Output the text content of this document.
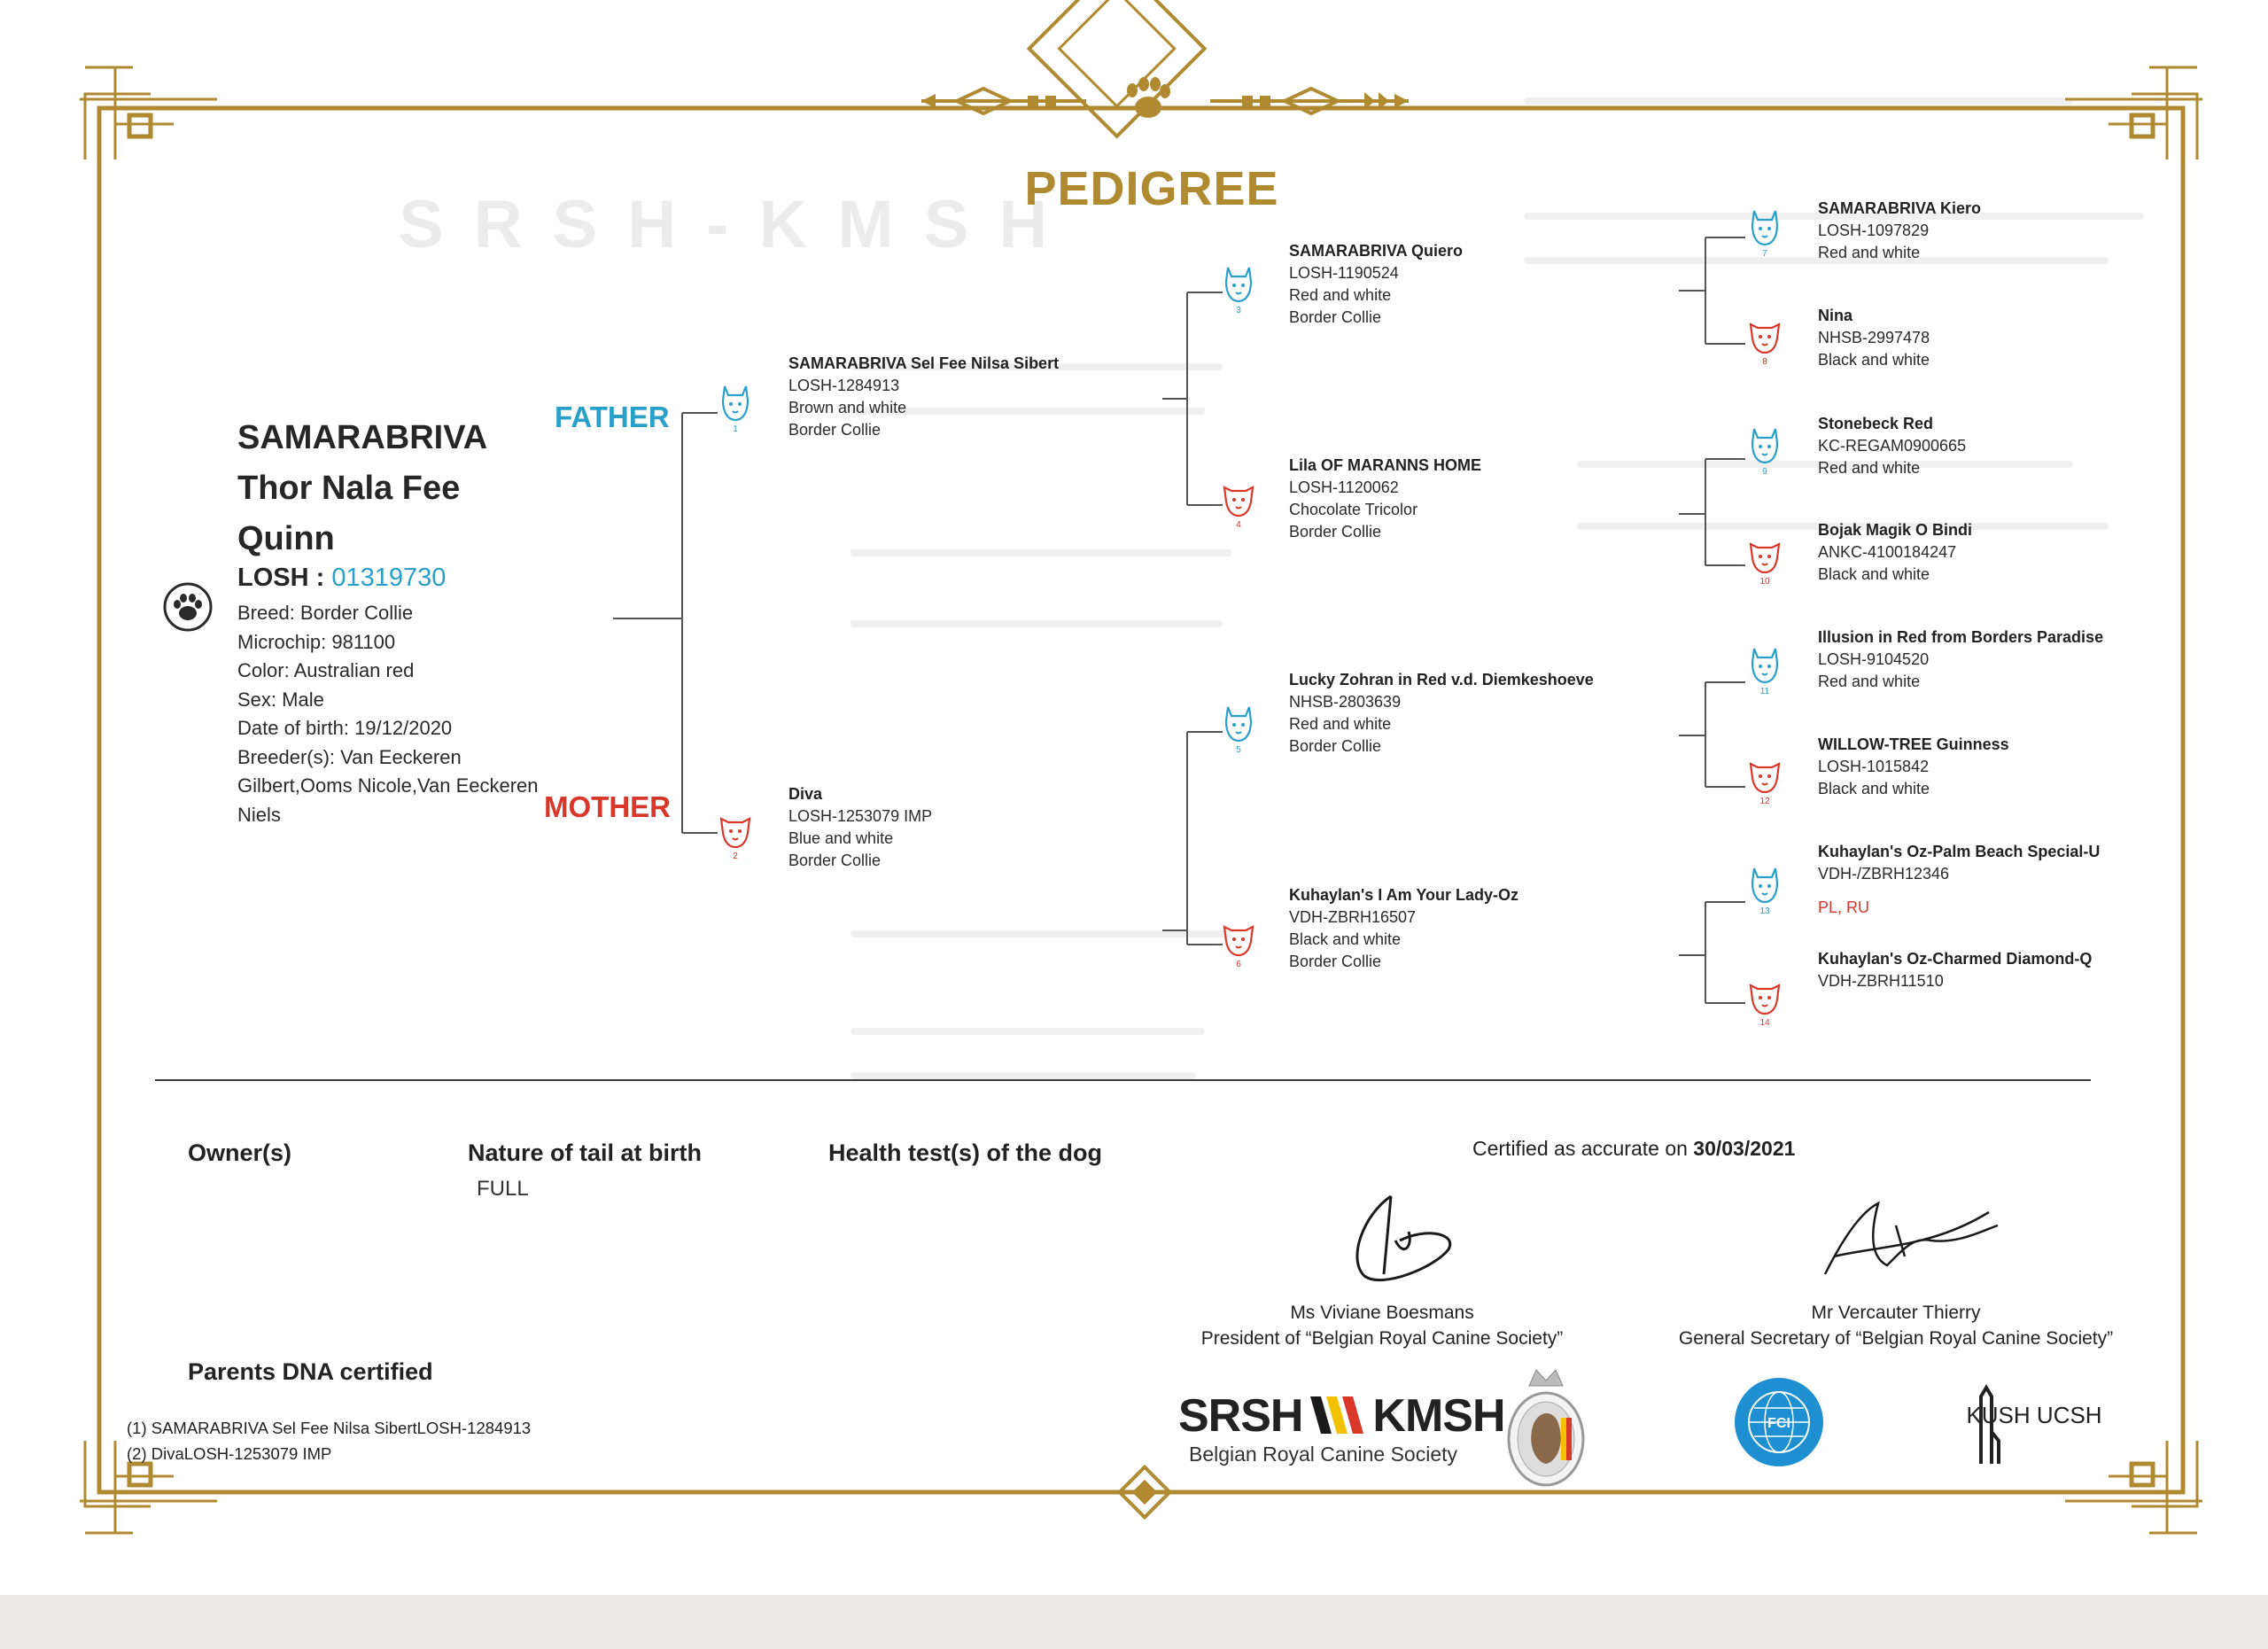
SRSH-KMSH
PEDIGREE
SAMARABRIVA
Thor Nala Fee
Quinn
LOSH : 01319730
Breed: Border Collie
Microchip: 981100
Color: Australian red
Sex: Male
Date of birth: 19/12/2020
Breeder(s): Van Eeckeren Gilbert,Ooms Nicole,Van Eeckeren Niels
FATHER
MOTHER
1
2
3
4
5
6
7
8
9
10
11
12
13
14
SAMARABRIVA Sel Fee Nilsa Sibert
LOSH-1284913
Brown and white
Border Collie
Diva
LOSH-1253079 IMP
Blue and white
Border Collie
SAMARABRIVA Quiero
LOSH-1190524
Red and white
Border Collie
Lila OF MARANNS HOME
LOSH-1120062
Chocolate Tricolor
Border Collie
Lucky Zohran in Red v.d. Diemkeshoeve
NHSB-2803639
Red and white
Border Collie
Kuhaylan's I Am Your Lady-Oz
VDH-ZBRH16507
Black and white
Border Collie
SAMARABRIVA Kiero
LOSH-1097829
Red and white
Nina
NHSB-2997478
Black and white
Stonebeck Red
KC-REGAM0900665
Red and white
Bojak Magik O Bindi
ANKC-4100184247
Black and white
Illusion in Red from Borders Paradise
LOSH-9104520
Red and white
WILLOW-TREE Guinness
LOSH-1015842
Black and white
Kuhaylan's Oz-Palm Beach Special-U
VDH-/ZBRH12346
PL, RU
Kuhaylan's Oz-Charmed Diamond-Q
VDH-ZBRH11510
Owner(s)	Nature of tail at birth
FULL
Health test(s) of the dog	Certified as accurate on 30/03/2021
Ms Viviane Boesmans
President of “Belgian Royal Canine Society”
Mr Vercauter Thierry
General Secretary of “Belgian Royal Canine Society”
Parents DNA certified
(1) SAMARABRIVA Sel Fee Nilsa SibertLOSH-1284913
(2) DivaLOSH-1253079 IMP
SRSH KMSH
Belgian Royal Canine Society
FCI	KUSH UCSH
